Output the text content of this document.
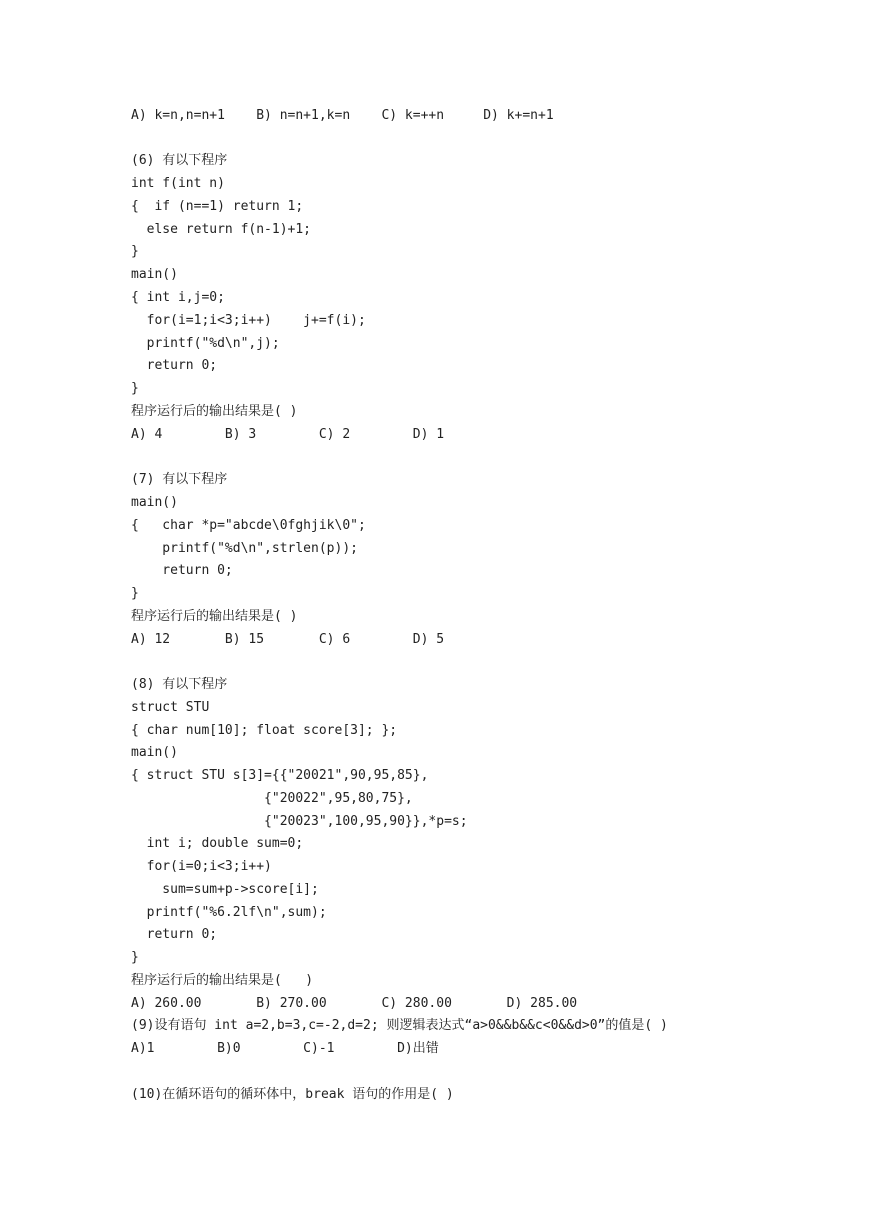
A) k=n,n=n+1    B) n=n+1,k=n    C) k=++n     D) k+=n+1
(6) 有以下程序
int f(int n)
{  if (n==1) return 1;
else return f(n-1)+1;
}
main()
{ int i,j=0;
for(i=1;i<3;i++)    j+=f(i);
printf("%d\n",j);
return 0;
}
程序运行后的输出结果是( )
A) 4        B) 3        C) 2        D) 1
(7) 有以下程序
main()
{   char *p="abcde\0fghjik\0";
printf("%d\n",strlen(p));
return 0;
}
程序运行后的输出结果是( )
A) 12       B) 15       C) 6        D) 5
(8) 有以下程序
struct STU
{ char num[10]; float score[3]; };
main()
{ struct STU s[3]={{"20021",90,95,85},
{"20022",95,80,75},
{"20023",100,95,90}},*p=s;
int i; double sum=0;
for(i=0;i<3;i++)
sum=sum+p->score[i];
printf("%6.2lf\n",sum);
return 0;
}
程序运行后的输出结果是(   )
A) 260.00       B) 270.00       C) 280.00       D) 285.00
(9)设有语句 int a=2,b=3,c=-2,d=2; 则逻辑表达式“a>0&&b&&c<0&&d>0”的值是( )
A)1        B)0        C)-1        D)出错
(10)在循环语句的循环体中，break 语句的作用是( )
